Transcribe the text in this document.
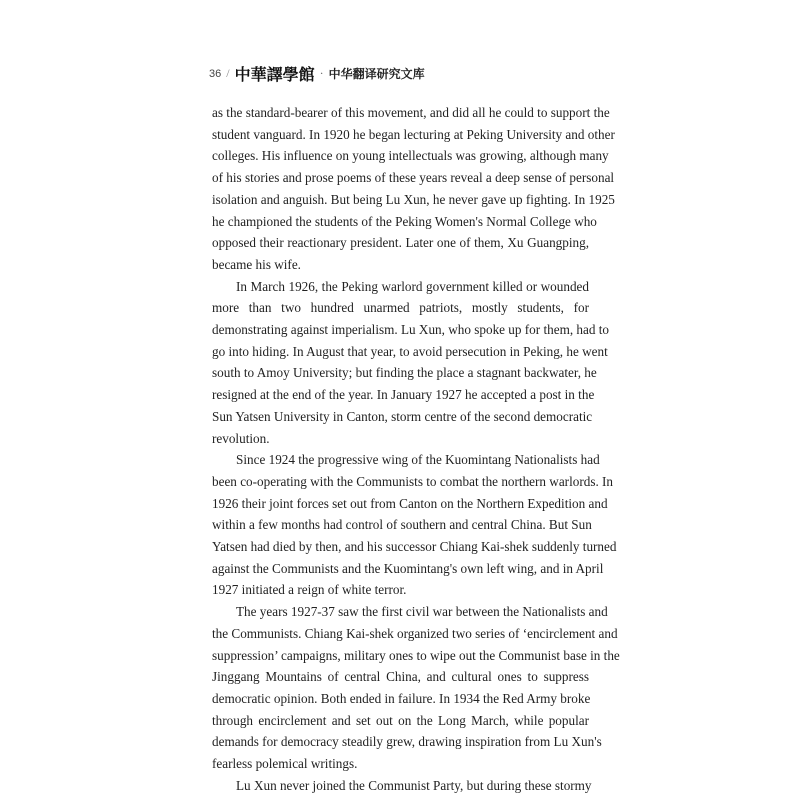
36 / 中華譯學館 · 中华翻译研究文库
as the standard-bearer of this movement, and did all he could to support the
student vanguard. In 1920 he began lecturing at Peking University and other
colleges. His influence on young intellectuals was growing, although many
of his stories and prose poems of these years reveal a deep sense of personal
isolation and anguish. But being Lu Xun, he never gave up fighting. In 1925
he championed the students of the Peking Women's Normal College who
opposed their reactionary president. Later one of them, Xu Guangping,
became his wife.
In March 1926, the Peking warlord government killed or wounded
more than two hundred unarmed patriots, mostly students, for
demonstrating against imperialism. Lu Xun, who spoke up for them, had to
go into hiding. In August that year, to avoid persecution in Peking, he went
south to Amoy University; but finding the place a stagnant backwater, he
resigned at the end of the year. In January 1927 he accepted a post in the
Sun Yatsen University in Canton, storm centre of the second democratic
revolution.
Since 1924 the progressive wing of the Kuomintang Nationalists had
been co-operating with the Communists to combat the northern warlords. In
1926 their joint forces set out from Canton on the Northern Expedition and
within a few months had control of southern and central China. But Sun
Yatsen had died by then, and his successor Chiang Kai-shek suddenly turned
against the Communists and the Kuomintang's own left wing, and in April
1927 initiated a reign of white terror.
The years 1927-37 saw the first civil war between the Nationalists and
the Communists. Chiang Kai-shek organized two series of ‘encirclement and
suppression’ campaigns, military ones to wipe out the Communist base in the
Jinggang Mountains of central China, and cultural ones to suppress
democratic opinion. Both ended in failure. In 1934 the Red Army broke
through encirclement and set out on the Long March, while popular
demands for democracy steadily grew, drawing inspiration from Lu Xun's
fearless polemical writings.
Lu Xun never joined the Communist Party, but during these stormy
